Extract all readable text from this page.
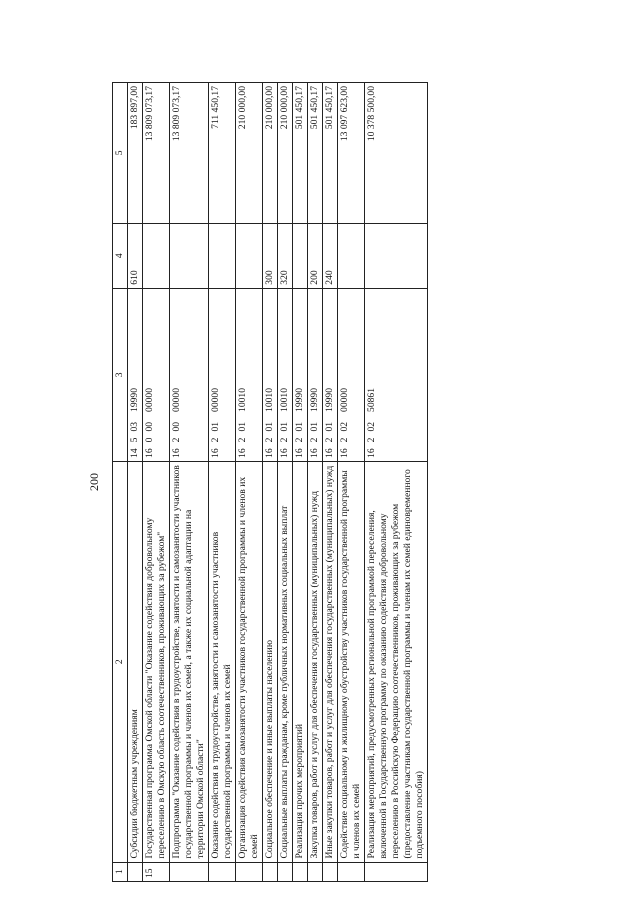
200
1	2	3	4	5
	Субсидии бюджетным учреждениям	1450319990	610	183 897,00
15	Государственная программа Омской области "Оказание содействия добровольному переселению в Омскую область соотечественников, проживающих за рубежом"	1600000000		13 809 073,17
	Подпрограмма "Оказание содействия в трудоустройстве, занятости и самозанятости участников государственной программы и членов их семей, а также их социальной адаптации на территории Омской области"	1620000000		13 809 073,17
	Оказание содействия в трудоустройстве, занятости и самозанятости участников государственной программы и членов их семей	1620100000		711 450,17
	Организация содействия самозанятости участников государственной программы и членов их семей	1620110010		210 000,00
	Социальное обеспечение и иные выплаты населению	1620110010	300	210 000,00
	Социальные выплаты гражданам, кроме публичных нормативных социальных выплат	1620110010	320	210 000,00
	Реализация прочих мероприятий	1620119990		501 450,17
	Закупка товаров, работ и услуг для обеспечения государственных (муниципальных) нужд	1620119990	200	501 450,17
	Иные закупки товаров, работ и услуг для обеспечения государственных (муниципальных) нужд	1620119990	240	501 450,17
	Содействие социальному и жилищному обустройству участников государственной программы и членов их семей	1620200000		13 097 623,00
	Реализация мероприятий, предусмотренных региональной программой переселения, включенной в Государственную программу по оказанию содействия добровольному переселению в Российскую Федерацию соотечественников, проживающих за рубежом (предоставление участникам государственной программы и членам их семей единовременного подъемного пособия)	1620250861		10 378 500,00
